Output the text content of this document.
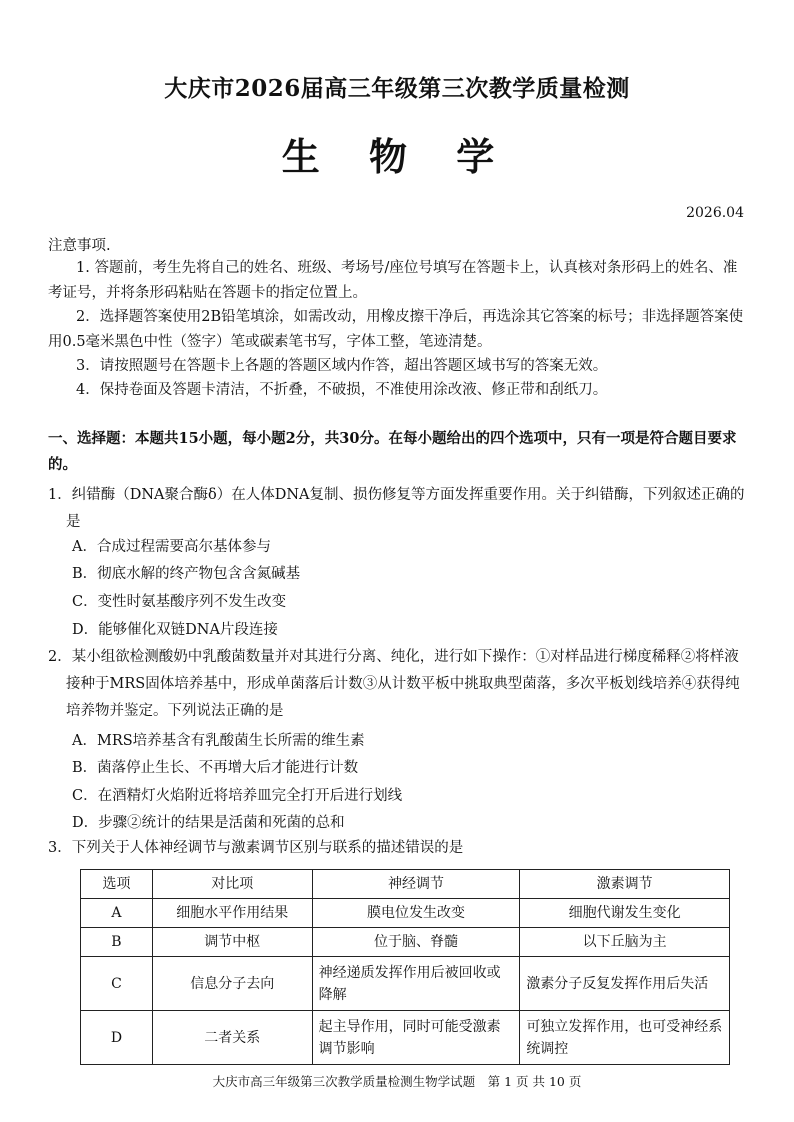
大庆市2026届高三年级第三次教学质量检测
生 物 学
2026.04
注意事项.
1. 答题前，考生先将自己的姓名、班级、考场号/座位号填写在答题卡上，认真核对条形码上的姓名、准考证号，并将条形码粘贴在答题卡的指定位置上。
2．选择题答案使用2B铅笔填涂，如需改动，用橡皮擦干净后，再选涂其它答案的标号；非选择题答案使用0.5毫米黑色中性（签字）笔或碳素笔书写，字体工整，笔迹清楚。
3．请按照题号在答题卡上各题的答题区域内作答，超出答题区域书写的答案无效。
4．保持卷面及答题卡清洁，不折叠，不破损，不准使用涂改液、修正带和刮纸刀。
一、选择题：本题共15小题，每小题2分，共30分。在每小题给出的四个选项中，只有一项是符合题目要求的。
1．纠错酶（DNA聚合酶δ）在人体DNA复制、损伤修复等方面发挥重要作用。关于纠错酶，下列叙述正确的是
A．合成过程需要高尔基体参与
B．彻底水解的终产物包含含氮碱基
C．变性时氨基酸序列不发生改变
D．能够催化双链DNA片段连接
2．某小组欲检测酸奶中乳酸菌数量并对其进行分离、纯化，进行如下操作：①对样品进行梯度稀释②将样液接种于MRS固体培养基中，形成单菌落后计数③从计数平板中挑取典型菌落，多次平板划线培养④获得纯培养物并鉴定。下列说法正确的是
A．MRS培养基含有乳酸菌生长所需的维生素
B．菌落停止生长、不再增大后才能进行计数
C．在酒精灯火焰附近将培养皿完全打开后进行划线
D．步骤②统计的结果是活菌和死菌的总和
3．下列关于人体神经调节与激素调节区别与联系的描述错误的是
选项	对比项	神经调节	激素调节
A	细胞水平作用结果	膜电位发生改变	细胞代谢发生变化
B	调节中枢	位于脑、脊髓	以下丘脑为主
C	信息分子去向	神经递质发挥作用后被回收或降解	激素分子反复发挥作用后失活
D	二者关系	起主导作用，同时可能受激素调节影响	可独立发挥作用，也可受神经系统调控
大庆市高三年级第三次教学质量检测生物学试题　第 1 页 共 10 页
